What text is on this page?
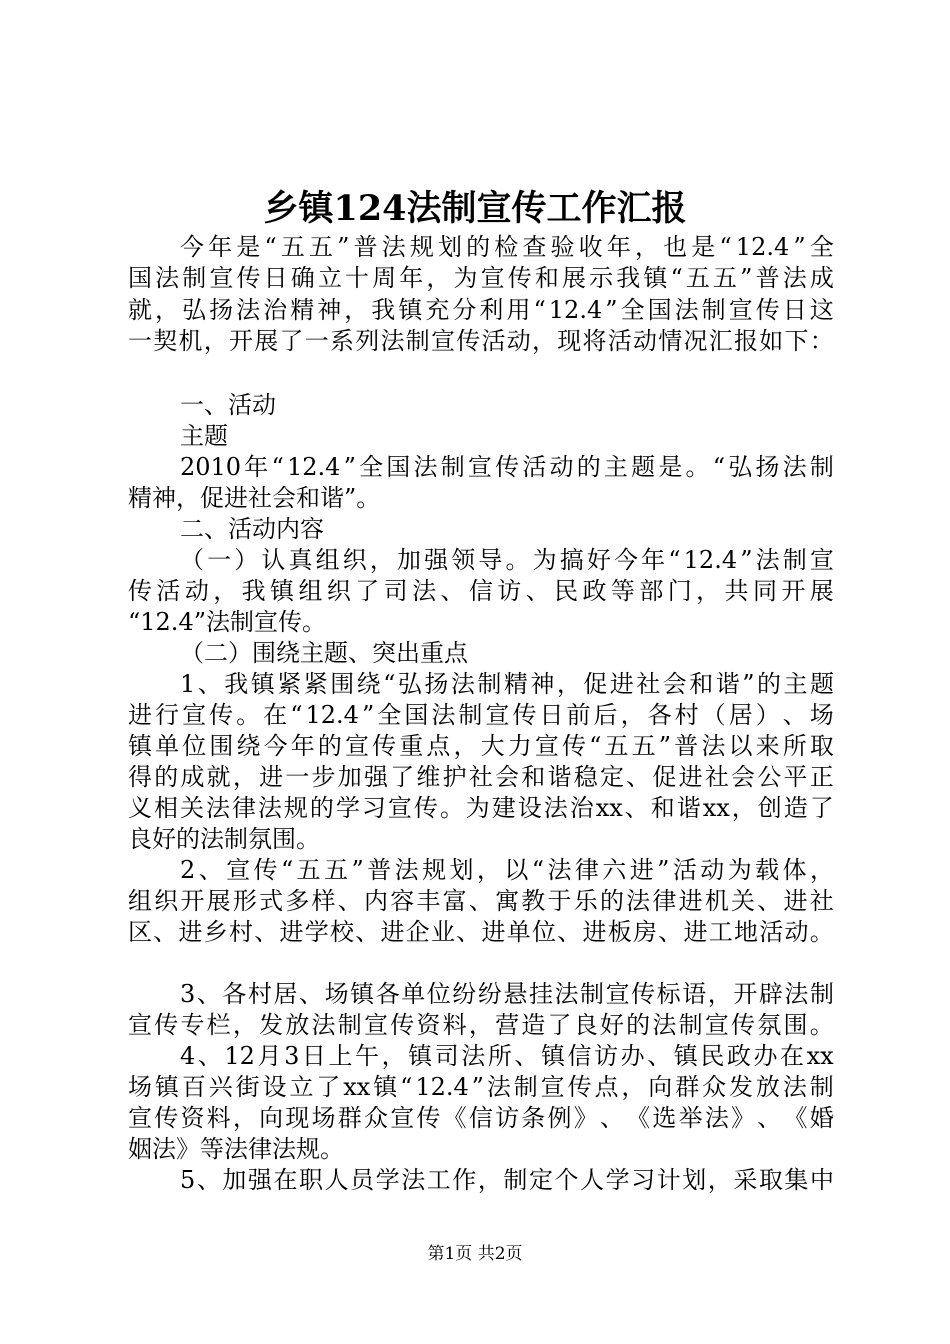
乡镇124法制宣传工作汇报
今 年 是 “ 五 五 ” 普 法 规 划 的 检 查 验 收 年 ， 也 是 “ 12.4 ” 全
国 法 制 宣 传 日 确 立 十 周 年 ， 为 宣 传 和 展 示 我 镇 “ 五 五 ” 普 法 成
就 ， 弘 扬 法 治 精 神 ， 我 镇 充 分 利 用 “ 12.4 ” 全 国 法 制 宣 传 日 这
一 契 机 ， 开 展 了 一 系 列 法 制 宣 传 活 动 ， 现 将 活 动 情 况 汇 报 如 下 ：
一、活动
主题
2010 年 “ 12.4 ” 全 国 法 制 宣 传 活 动 的 主 题 是 。 “ 弘 扬 法 制
精神，促进社会和谐”。
二、活动内容
（ 一 ） 认 真 组 织 ， 加 强 领 导 。 为 搞 好 今 年 “ 12.4 ” 法 制 宣
传 活 动 ， 我 镇 组 织 了 司 法 、 信 访 、 民 政 等 部 门 ， 共 同 开 展
“12.4”法制宣传。
（二）围绕主题、突出重点
1 、 我 镇 紧 紧 围 绕 “ 弘 扬 法 制 精 神 ， 促 进 社 会 和 谐 ” 的 主 题
进 行 宣 传 。 在 “ 12.4 ” 全 国 法 制 宣 传 日 前 后 ， 各 村 （ 居 ） 、 场
镇 单 位 围 绕 今 年 的 宣 传 重 点 ， 大 力 宣 传 “ 五 五 ” 普 法 以 来 所 取
得 的 成 就 ， 进 一 步 加 强 了 维 护 社 会 和 谐 稳 定 、 促 进 社 会 公 平 正
义 相 关 法 律 法 规 的 学 习 宣 传 。 为 建 设 法 治 xx 、 和 谐 xx ， 创 造 了
良好的法制氛围。
2 、 宣 传 “ 五 五 ” 普 法 规 划 ， 以 “ 法 律 六 进 ” 活 动 为 载 体 ，
组 织 开 展 形 式 多 样 、 内 容 丰 富 、 寓 教 于 乐 的 法 律 进 机 关 、 进 社
区 、 进 乡 村 、 进 学 校 、 进 企 业 、 进 单 位 、 进 板 房 、 进 工 地 活 动 。
3 、 各 村 居 、 场 镇 各 单 位 纷 纷 悬 挂 法 制 宣 传 标 语 ， 开 辟 法 制
宣 传 专 栏 ， 发 放 法 制 宣 传 资 料 ， 营 造 了 良 好 的 法 制 宣 传 氛 围 。
4 、 12 月 3 日 上 午 ， 镇 司 法 所 、 镇 信 访 办 、 镇 民 政 办 在 xx
场 镇 百 兴 街 设 立 了 xx 镇 “ 12.4 ” 法 制 宣 传 点 ， 向 群 众 发 放 法 制
宣 传 资 料 ， 向 现 场 群 众 宣 传 《 信 访 条 例 》 、 《 选 举 法 》 、 《 婚
姻法》等法律法规。
5 、 加 强 在 职 人 员 学 法 工 作 ， 制 定 个 人 学 习 计 划 ， 采 取 集 中
第1页 共2页
